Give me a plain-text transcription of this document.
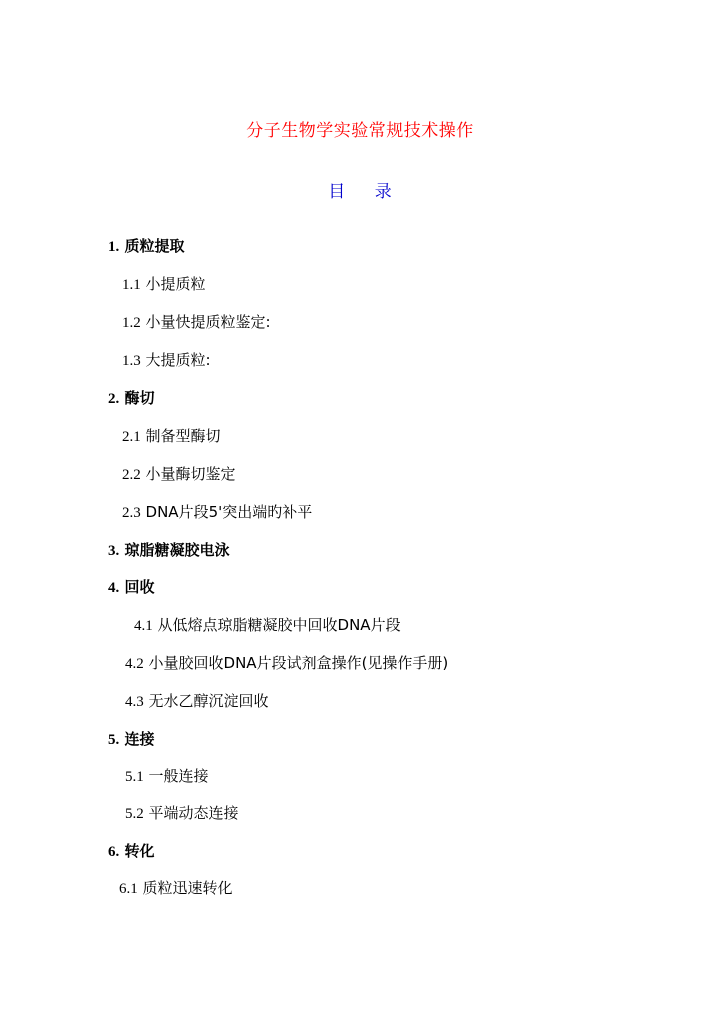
分子生物学实验常规技术操作
目 录
1. 质粒提取
1.1 小提质粒
1.2 小量快提质粒鉴定:
1.3 大提质粒:
2. 酶切
2.1 制备型酶切
2.2 小量酶切鉴定
2.3 DNA片段5'突出端旳补平
3. 琼脂糖凝胶电泳
4. 回收
4.1 从低熔点琼脂糖凝胶中回收DNA片段
4.2 小量胶回收DNA片段试剂盒操作(见操作手册)
4.3 无水乙醇沉淀回收
5. 连接
5.1 一般连接
5.2 平端动态连接
6. 转化
6.1 质粒迅速转化
